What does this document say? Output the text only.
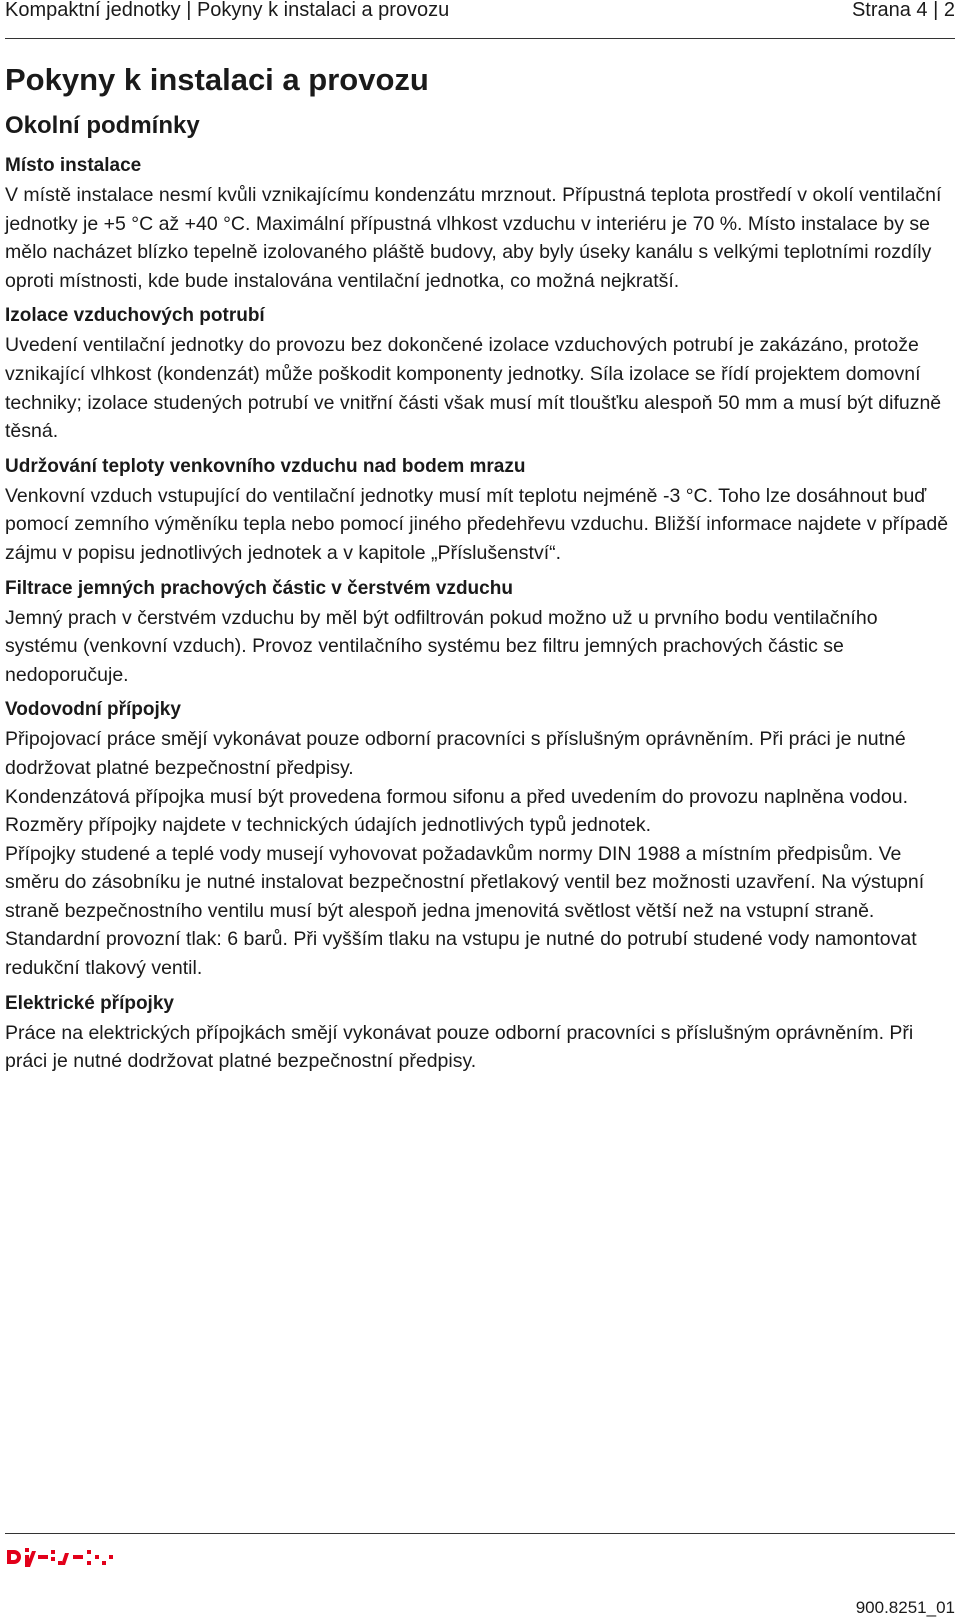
Kompaktní jednotky | Pokyny k instalaci a provozu	Strana 4 | 2
Pokyny k instalaci a provozu
Okolní podmínky

Místo instalace

V místě instalace nesmí kvůli vznikajícímu kondenzátu mrznout. Přípustná teplota prostředí v okolí ventilační jednotky je +5 °C až +40 °C. Maximální přípustná vlhkost vzduchu v interiéru je 70 %. Místo instalace by se mělo nacházet blízko tepelně izolovaného pláště budovy, aby byly úseky kanálu s velkými teplotními rozdíly oproti místnosti, kde bude instalována ventilační jednotka, co možná nejkratší.

Izolace vzduchových potrubí

Uvedení ventilační jednotky do provozu bez dokončené izolace vzduchových potrubí je zakázáno, protože vznikající vlhkost (kondenzát) může poškodit komponenty jednotky. Síla izolace se řídí projektem domovní techniky; izolace studených potrubí ve vnitřní části však musí mít tloušťku alespoň 50 mm a musí být difuzně těsná.

Udržování teploty venkovního vzduchu nad bodem mrazu

Venkovní vzduch vstupující do ventilační jednotky musí mít teplotu nejméně -3 °C. Toho lze dosáhnout buď pomocí zemního výměníku tepla nebo pomocí jiného předehřevu vzduchu. Bližší informace najdete v případě zájmu v popisu jednotlivých jednotek a v kapitole „Příslušenství“.

Filtrace jemných prachových částic v čerstvém vzduchu

Jemný prach v čerstvém vzduchu by měl být odfiltrován pokud možno už u prvního bodu ventilačního systému (venkovní vzduch). Provoz ventilačního systému bez filtru jemných prachových částic se nedoporučuje.

Vodovodní přípojky

Připojovací práce smějí vykonávat pouze odborní pracovníci s příslušným oprávněním. Při práci je nutné dodržovat platné bezpečnostní předpisy.

Kondenzátová přípojka musí být provedena formou sifonu a před uvedením do provozu naplněna vodou. Rozměry přípojky najdete v technických údajích jednotlivých typů jednotek.

Přípojky studené a teplé vody musejí vyhovovat požadavkům normy DIN 1988 a místním předpisům. Ve směru do zásobníku je nutné instalovat bezpečnostní přetlakový ventil bez možnosti uzavření. Na výstupní straně bezpečnostního ventilu musí být alespoň jedna jmenovitá světlost větší než na vstupní straně. Standardní provozní tlak: 6 barů. Při vyšším tlaku na vstupu je nutné do potrubí studené vody namontovat redukční tlakový ventil.

Elektrické přípojky

Práce na elektrických přípojkách smějí vykonávat pouze odborní pracovníci s příslušným oprávněním. Při práci je nutné dodržovat platné bezpečnostní předpisy.

900.8251_01
